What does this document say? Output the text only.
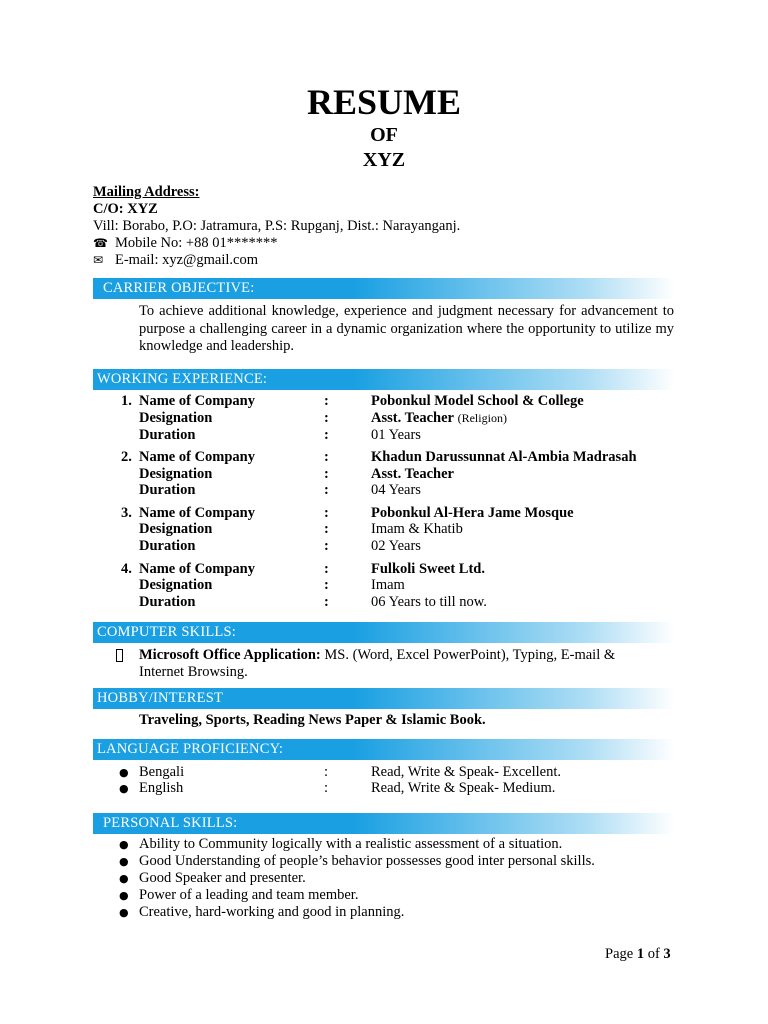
RESUME
OF
XYZ
Mailing Address:
C/O: XYZ
Vill: Borabo, P.O: Jatramura, P.S: Rupganj, Dist.: Narayanganj.
☎ Mobile No: +88 01*******
✉ E-mail: xyz@gmail.com
CARRIER OBJECTIVE:
To achieve additional knowledge, experience and judgment necessary for advancement to purpose a challenging career in a dynamic organization where the opportunity to utilize my knowledge and leadership.
WORKING EXPERIENCE:
1. Name of Company	:	Pobonkul Model School & College
Designation	:	Asst. Teacher (Religion)
Duration	:	01 Years
2. Name of Company	:	Khadun Darussunnat Al-Ambia Madrasah
Designation	:	Asst. Teacher
Duration	:	04 Years
3. Name of Company	:	Pobonkul Al-Hera Jame Mosque
Designation	:	Imam & Khatib
Duration	:	02 Years
4. Name of Company	:	Fulkoli Sweet Ltd.
Designation	:	Imam
Duration	:	06 Years to till now.
COMPUTER SKILLS:
Microsoft Office Application: MS. (Word, Excel PowerPoint), Typing, E-mail & Internet Browsing.
HOBBY/INTEREST
Traveling, Sports, Reading News Paper & Islamic Book.
LANGUAGE PROFICIENCY:
● Bengali	:	Read, Write & Speak- Excellent.
● English	:	Read, Write & Speak- Medium.
PERSONAL SKILLS:
● Ability to Community logically with a realistic assessment of a situation.
● Good Understanding of people’s behavior possesses good inter personal skills.
● Good Speaker and presenter.
● Power of a leading and team member.
● Creative, hard-working and good in planning.
Page 1 of 3
